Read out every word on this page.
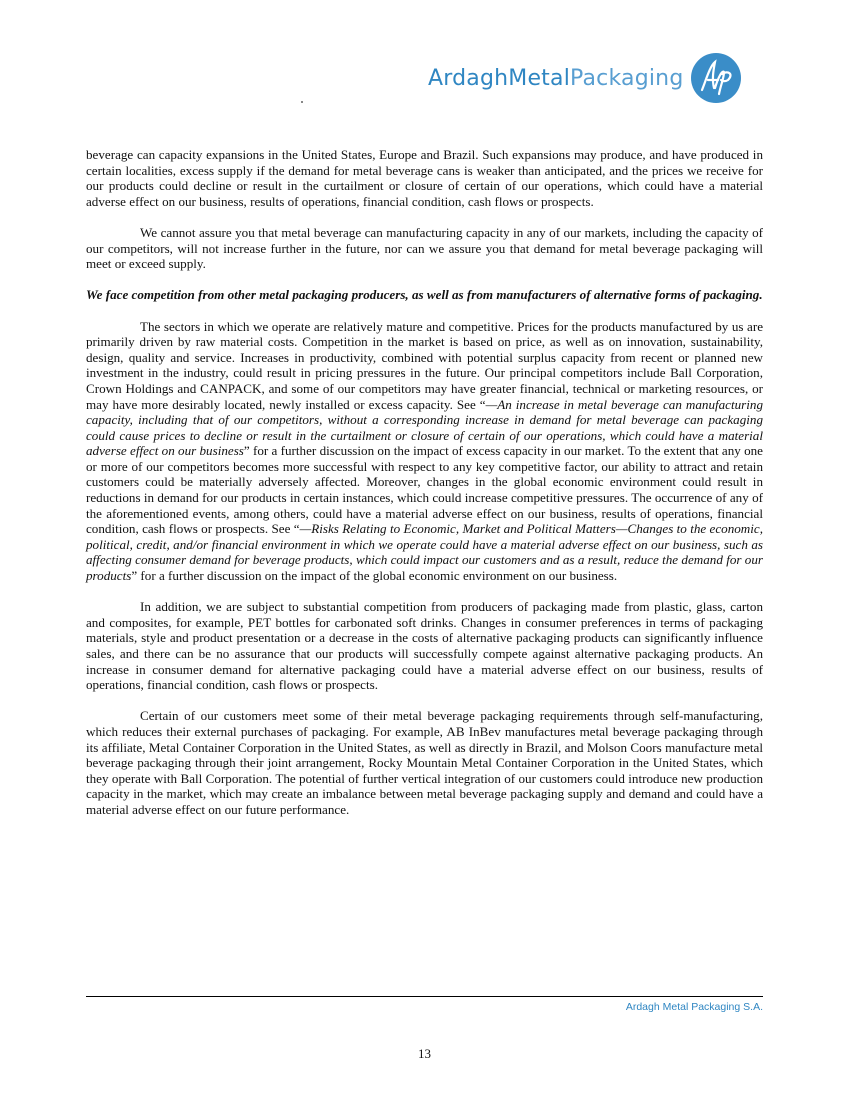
ArdaghMetalPackaging

beverage can capacity expansions in the United States, Europe and Brazil. Such expansions may produce, and have produced in certain localities, excess supply if the demand for metal beverage cans is weaker than anticipated, and the prices we receive for our products could decline or result in the curtailment or closure of certain of our operations, which could have a material adverse effect on our business, results of operations, financial condition, cash flows or prospects.

We cannot assure you that metal beverage can manufacturing capacity in any of our markets, including the capacity of our competitors, will not increase further in the future, nor can we assure you that demand for metal beverage packaging will meet or exceed supply.

We face competition from other metal packaging producers, as well as from manufacturers of alternative forms of packaging.

The sectors in which we operate are relatively mature and competitive. Prices for the products manufactured by us are primarily driven by raw material costs. Competition in the market is based on price, as well as on innovation, sustainability, design, quality and service. Increases in productivity, combined with potential surplus capacity from recent or planned new investment in the industry, could result in pricing pressures in the future. Our principal competitors include Ball Corporation, Crown Holdings and CANPACK, and some of our competitors may have greater financial, technical or marketing resources, or may have more desirably located, newly installed or excess capacity. See “—An increase in metal beverage can manufacturing capacity, including that of our competitors, without a corresponding increase in demand for metal beverage can packaging could cause prices to decline or result in the curtailment or closure of certain of our operations, which could have a material adverse effect on our business” for a further discussion on the impact of excess capacity in our market. To the extent that any one or more of our competitors becomes more successful with respect to any key competitive factor, our ability to attract and retain customers could be materially adversely affected. Moreover, changes in the global economic environment could result in reductions in demand for our products in certain instances, which could increase competitive pressures. The occurrence of any of the aforementioned events, among others, could have a material adverse effect on our business, results of operations, financial condition, cash flows or prospects. See “—Risks Relating to Economic, Market and Political Matters—Changes to the economic, political, credit, and/or financial environment in which we operate could have a material adverse effect on our business, such as affecting consumer demand for beverage products, which could impact our customers and as a result, reduce the demand for our products” for a further discussion on the impact of the global economic environment on our business.

In addition, we are subject to substantial competition from producers of packaging made from plastic, glass, carton and composites, for example, PET bottles for carbonated soft drinks. Changes in consumer preferences in terms of packaging materials, style and product presentation or a decrease in the costs of alternative packaging products can significantly influence sales, and there can be no assurance that our products will successfully compete against alternative packaging products. An increase in consumer demand for alternative packaging could have a material adverse effect on our business, results of operations, financial condition, cash flows or prospects.

Certain of our customers meet some of their metal beverage packaging requirements through self-manufacturing, which reduces their external purchases of packaging. For example, AB InBev manufactures metal beverage packaging through its affiliate, Metal Container Corporation in the United States, as well as directly in Brazil, and Molson Coors manufacture metal beverage packaging through their joint arrangement, Rocky Mountain Metal Container Corporation in the United States, which they operate with Ball Corporation. The potential of further vertical integration of our customers could introduce new production capacity in the market, which may create an imbalance between metal beverage packaging supply and demand and could have a material adverse effect on our future performance.

Ardagh Metal Packaging S.A.
13
